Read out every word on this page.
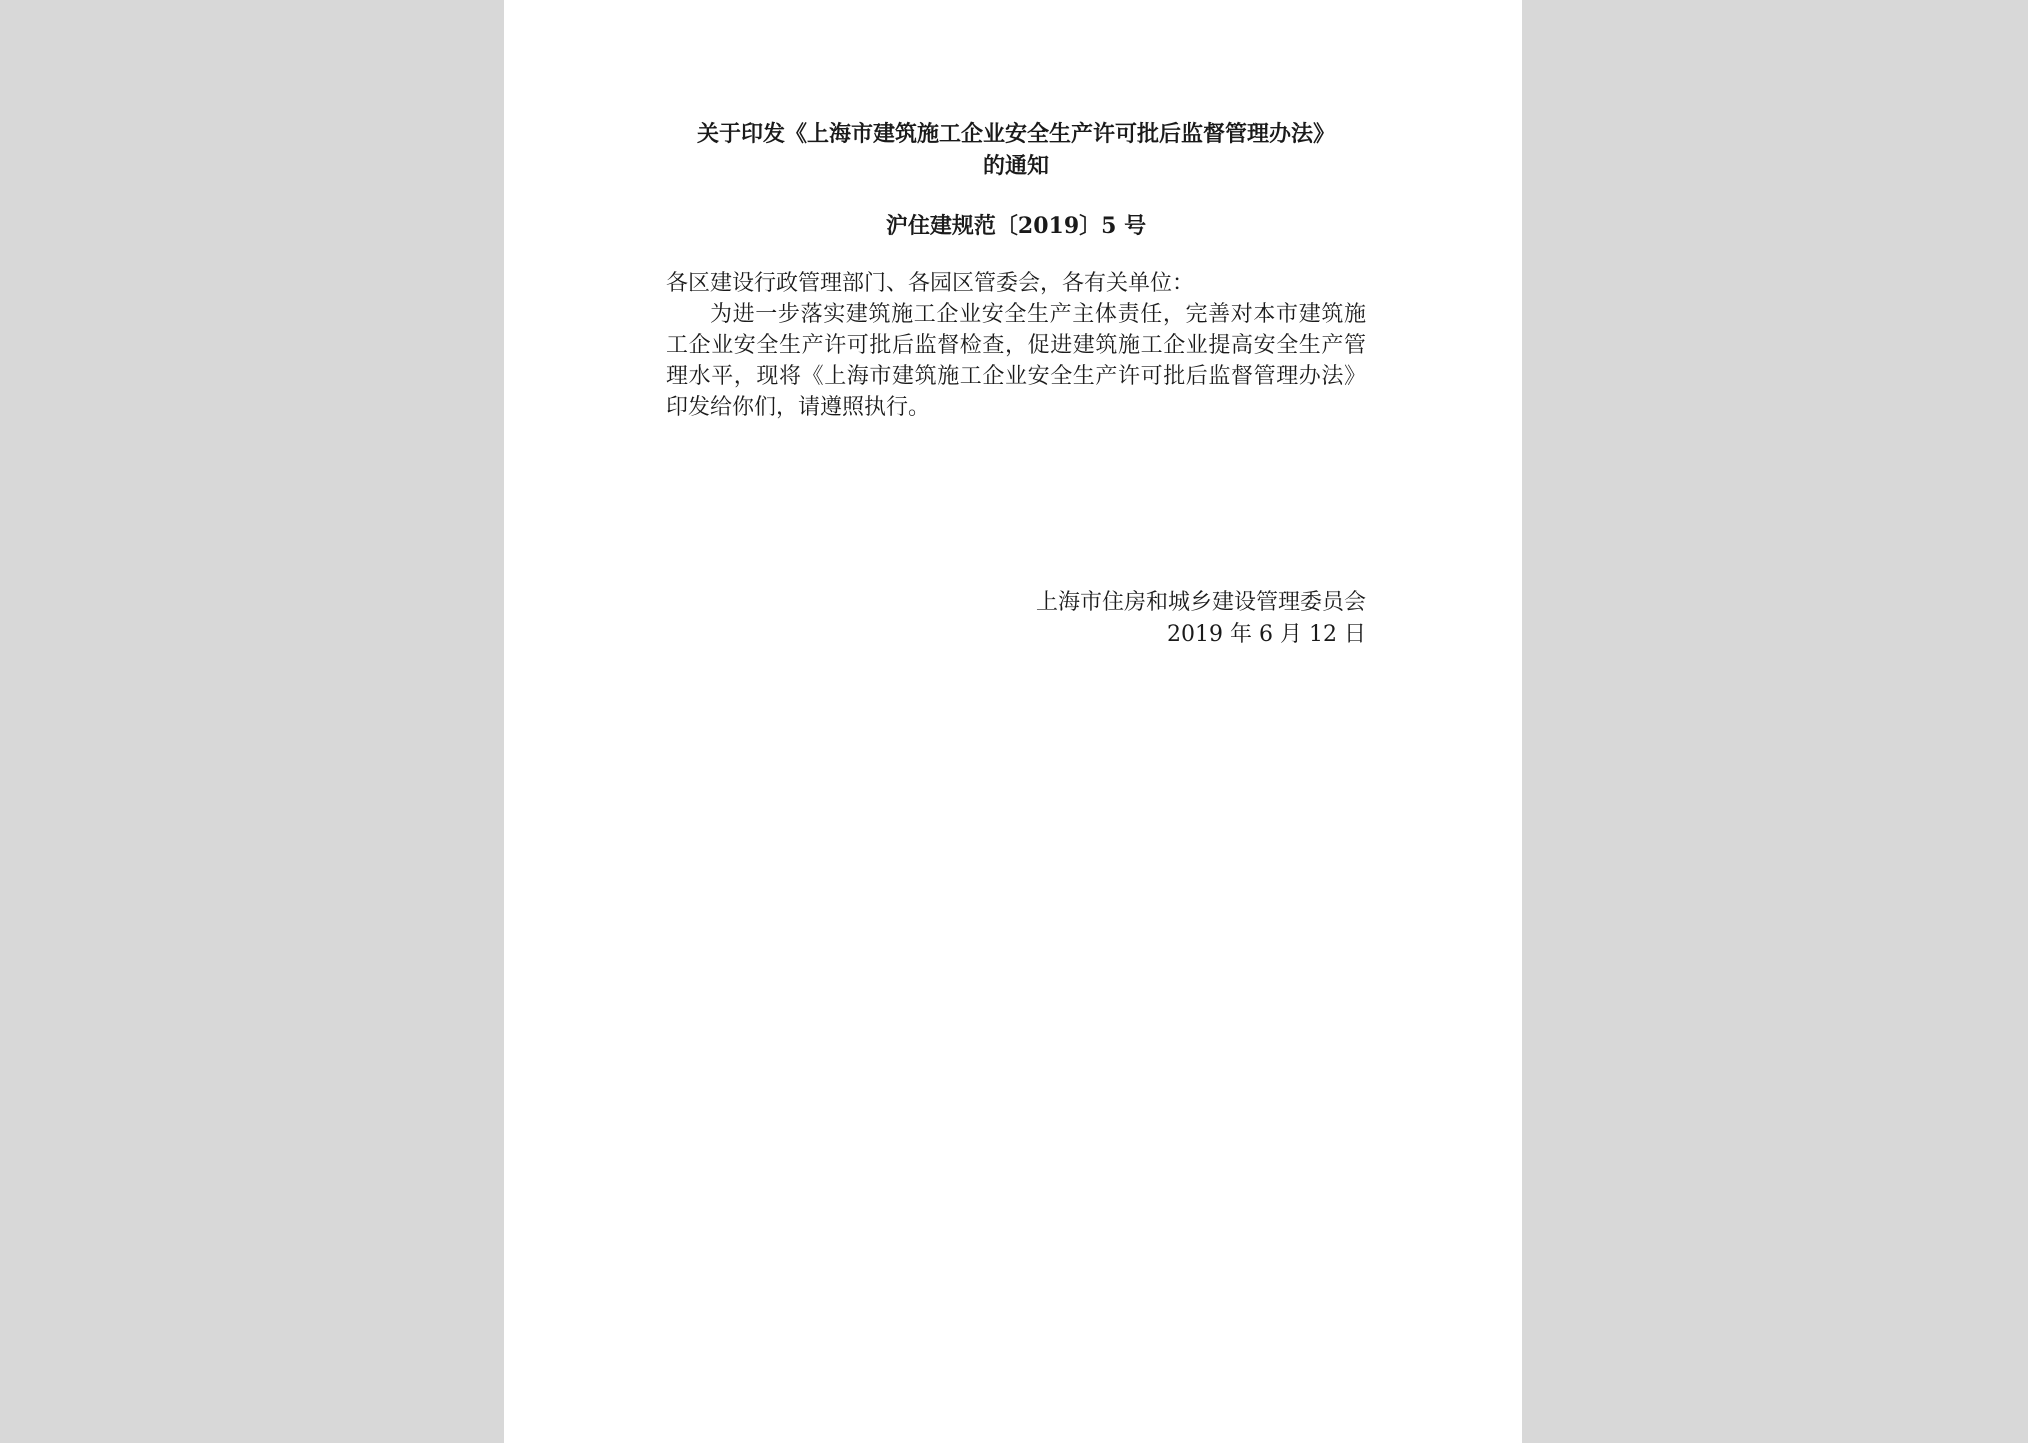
关于印发《上海市建筑施工企业安全生产许可批后监督管理办法》
的通知
沪住建规范〔2019〕5 号
各区建设行政管理部门、各园区管委会，各有关单位：

为进一步落实建筑施工企业安全生产主体责任，完善对本市建筑施工企业安全生产许可批后监督检查，促进建筑施工企业提高安全生产管理水平，现将《上海市建筑施工企业安全生产许可批后监督管理办法》印发给你们，请遵照执行。

上海市住房和城乡建设管理委员会
2019 年 6 月 12 日
